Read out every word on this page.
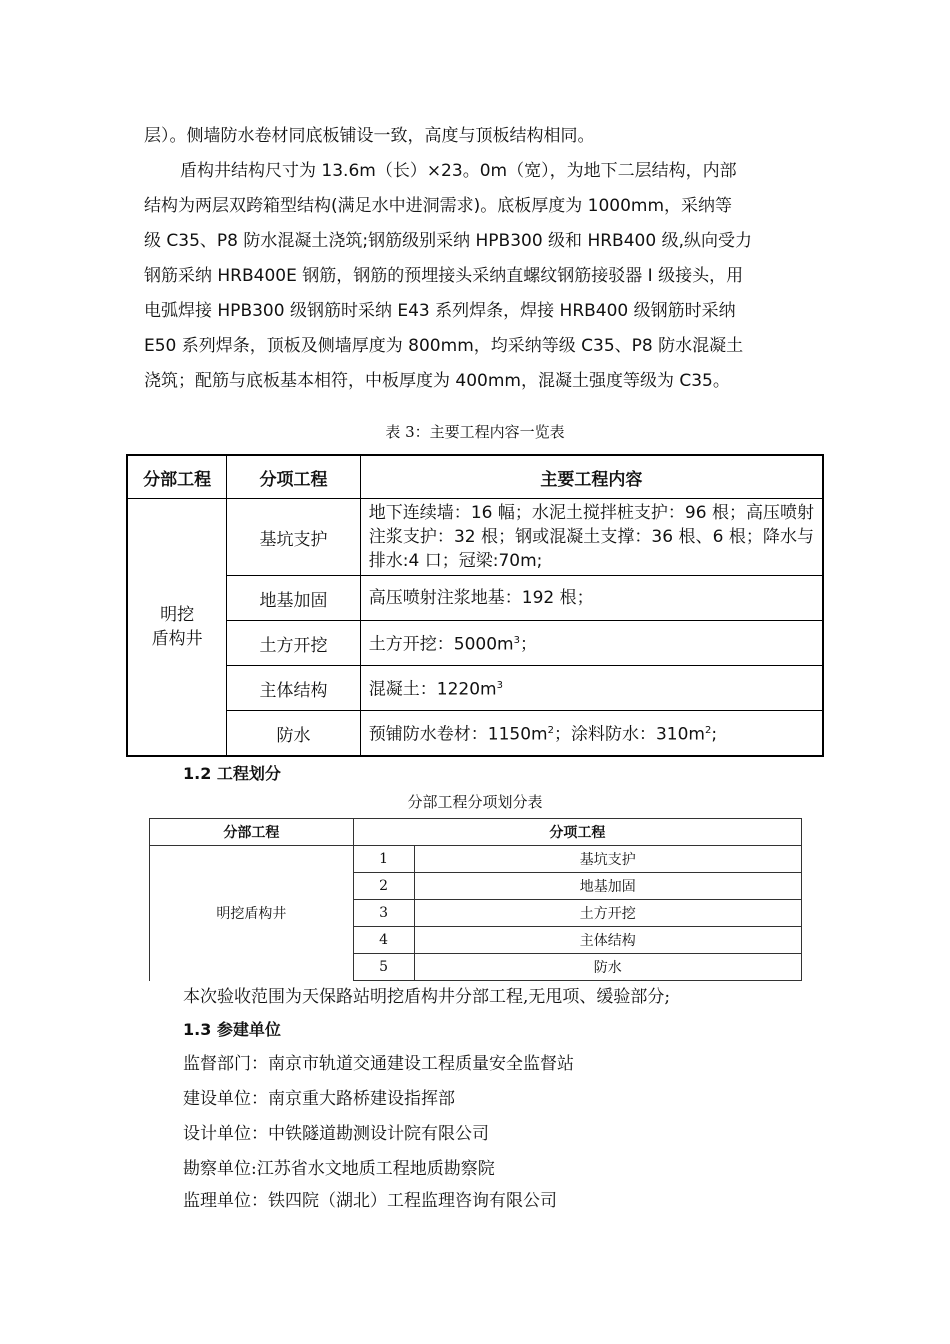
层）。侧墙防水卷材同底板铺设一致，高度与顶板结构相同。
盾构井结构尺寸为 13.6m（长）×23。0m（宽），为地下二层结构，内部
结构为两层双跨箱型结构(满足水中进洞需求)。底板厚度为 1000mm，采纳等
级 C35、P8 防水混凝土浇筑;钢筋级别采纳 HPB300 级和 HRB400 级,纵向受力
钢筋采纳 HRB400E 钢筋，钢筋的预埋接头采纳直螺纹钢筋接驳器 I 级接头，用
电弧焊接 HPB300 级钢筋时采纳 E43 系列焊条，焊接 HRB400 级钢筋时采纳
E50 系列焊条，顶板及侧墙厚度为 800mm，均采纳等级 C35、P8 防水混凝土
浇筑；配筋与底板基本相符，中板厚度为 400mm，混凝土强度等级为 C35。
表 3：主要工程内容一览表
分部工程	分项工程	主要工程内容

明挖
盾构井	基坑支护	地下连续墙：16 幅；水泥土搅拌桩支护：96 根；高压喷射注浆支护：32 根；钢或混凝土支撑：36 根、6 根；降水与排水:4 口；冠梁:70m;
	地基加固	高压喷射注浆地基：192 根；
	土方开挖	土方开挖：$5000m^3$；
	主体结构	混凝土：$1220m^3$
	防水	预铺防水卷材：$1150m^2$；涂料防水：$310m^2$;
1.2 工程划分
分部工程分项划分表
分部工程	分项工程	
明挖盾构井	1	基坑支护
	2	地基加固
	3	土方开挖
	4	主体结构
	5	防水
本次验收范围为天保路站明挖盾构井分部工程,无甩项、缓验部分;
1.3 参建单位
监督部门：南京市轨道交通建设工程质量安全监督站
建设单位：南京重大路桥建设指挥部
设计单位：中铁隧道勘测设计院有限公司
勘察单位:江苏省水文地质工程地质勘察院
监理单位：铁四院（湖北）工程监理咨询有限公司
